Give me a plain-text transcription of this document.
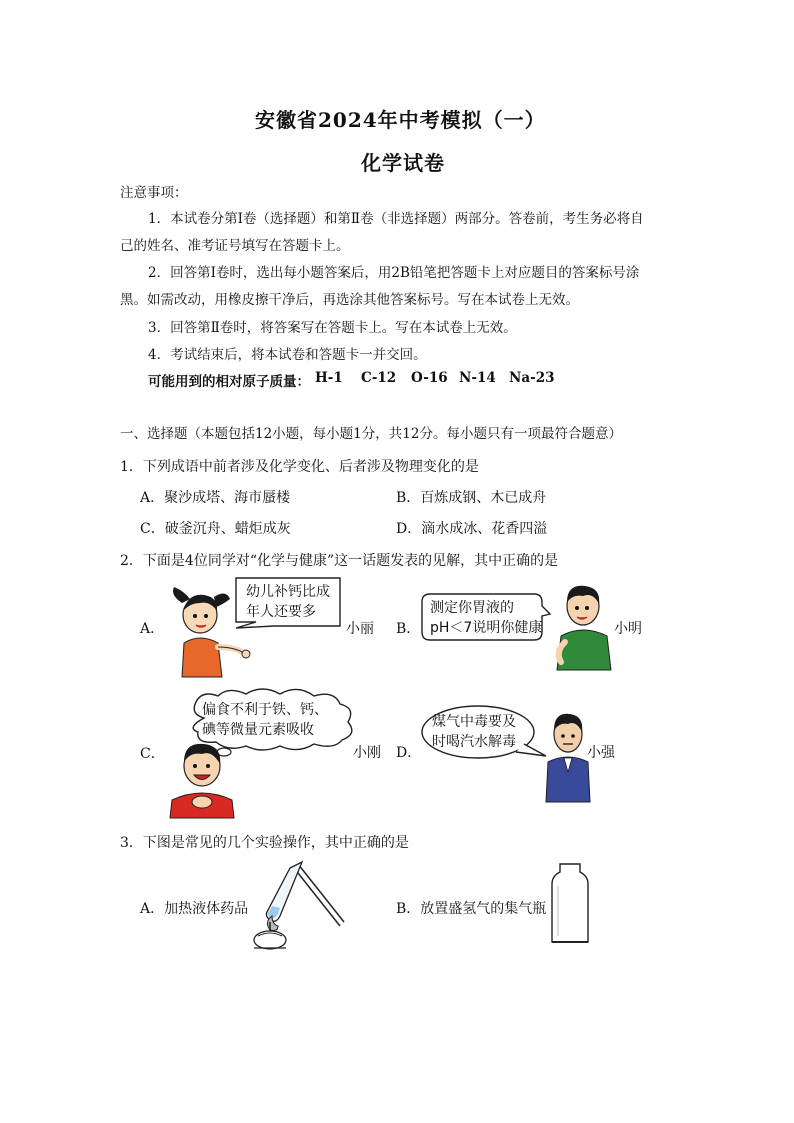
安徽省2024年中考模拟（一）
化学试卷
注意事项：
1．本试卷分第Ⅰ卷（选择题）和第Ⅱ卷（非选择题）两部分。答卷前，考生务必将自
己的姓名、准考证号填写在答题卡上。
2．回答第Ⅰ卷时，选出每小题答案后，用2B铅笔把答题卡上对应题目的答案标号涂
黑。如需改动，用橡皮擦干净后，再选涂其他答案标号。写在本试卷上无效。
3．回答第Ⅱ卷时，将答案写在答题卡上。写在本试卷上无效。
4．考试结束后，将本试卷和答题卡一并交回。
可能用到的相对原子质量： H-1 C-12 O-16 N-14 Na-23
一、选择题（本题包括12小题，每小题1分，共12分。每小题只有一项最符合题意）
1．下列成语中前者涉及化学变化、后者涉及物理变化的是
A．聚沙成塔、海市蜃楼	B．百炼成钢、木已成舟
C．破釜沉舟、蜡炬成灰	D．滴水成冰、花香四溢
2．下面是4位同学对“化学与健康”这一话题发表的见解，其中正确的是
A．
幼儿补钙比成
年人还要多
小丽 B．
测定你胃液的
pH＜7说明你健康	小明
C．
偏食不利于铁、钙、
碘等微量元素吸收
小刚 D．
煤气中毒要及
时喝汽水解毒
小强
3．下图是常见的几个实验操作，其中正确的是
A．加热液体药品	B．放置盛氢气的集气瓶
